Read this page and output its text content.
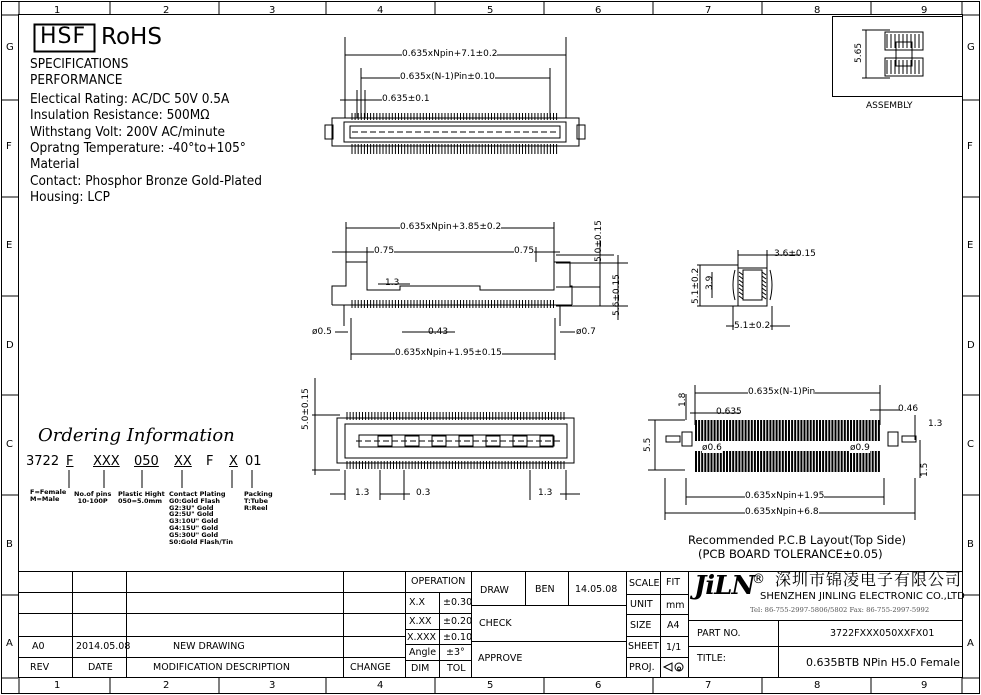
1
1
2
2
3
3
4
4
5
5
6
6
7
7
8
8
9
9
G	G
F	F
E	E
D	D
C	C
B	B
A	A
HSF RoHS
SPECIFICATIONS
PERFORMANCE
Electical Rating: AC/DC 50V 0.5A
Insulation Resistance: 500MΩ
Withstang Volt: 200V AC/minute
Opratng Temperature: -40°to+105°
Material
Contact: Phosphor Bronze Gold-Plated
Housing: LCP
0.635xNpin+7.1±0.2
0.635x(N-1)Pin±0.10
0.635±0.1
0.635xNpin+3.85±0.2
0.75	0.75
1.3
5.0±0.15
5.6±0.15
ø0.5	0.43	ø0.7
0.635xNpin+1.95±0.15
3.6±0.15
5.1±0.2 3.9
5.1±0.2
5.0±0.15
1.3	0.3	1.3
0.635x(N-1)Pin
1.8
0.635	0.46
1.3
5.5	ø0.6	ø0.9
1.5
0.635xNpin+1.95
0.635xNpin+6.8
Recommended P.C.B Layout(Top Side)
(PCB BOARD TOLERANCE±0.05)
5.65
ASSEMBLY
Ordering Information
3722 F XXX 050 XX F X 01
F=Female
M=Male
No.of pins
10-100P
Plastic Hight
050=5.0mm
Contact Plating
G0:Gold Flash
G2:3U" Gold
G2:5U" Gold
G3:10U" Gold
G4:15U" Gold
G5:30U" Gold
S0:Gold Flash/Tin
Packing
T:Tube
R:Reel
OPERATION
X.X ±0.30
X.XX ±0.20
X.XXX ±0.10
Angle ±3°
DIM TOL
DRAW	BEN 14.05.08
CHECK
APPROVE
SCALE FIT
UNIT mm
SIZE A4
SHEET 1/1
PROJ.
JiLN
® 深圳市锦凌电子有限公司
SHENZHEN JINLING ELECTRONIC CO.,LTD
Tel: 86-755-2997-5806/5802 Fax: 86-755-2997-5992
PART NO.	3722FXXX050XXFX01
TITLE:	0.635BTB NPin H5.0 Female
REV	DATE	MODIFICATION DESCRIPTION	CHANGE
A0	2014.05.08	NEW DRAWING
